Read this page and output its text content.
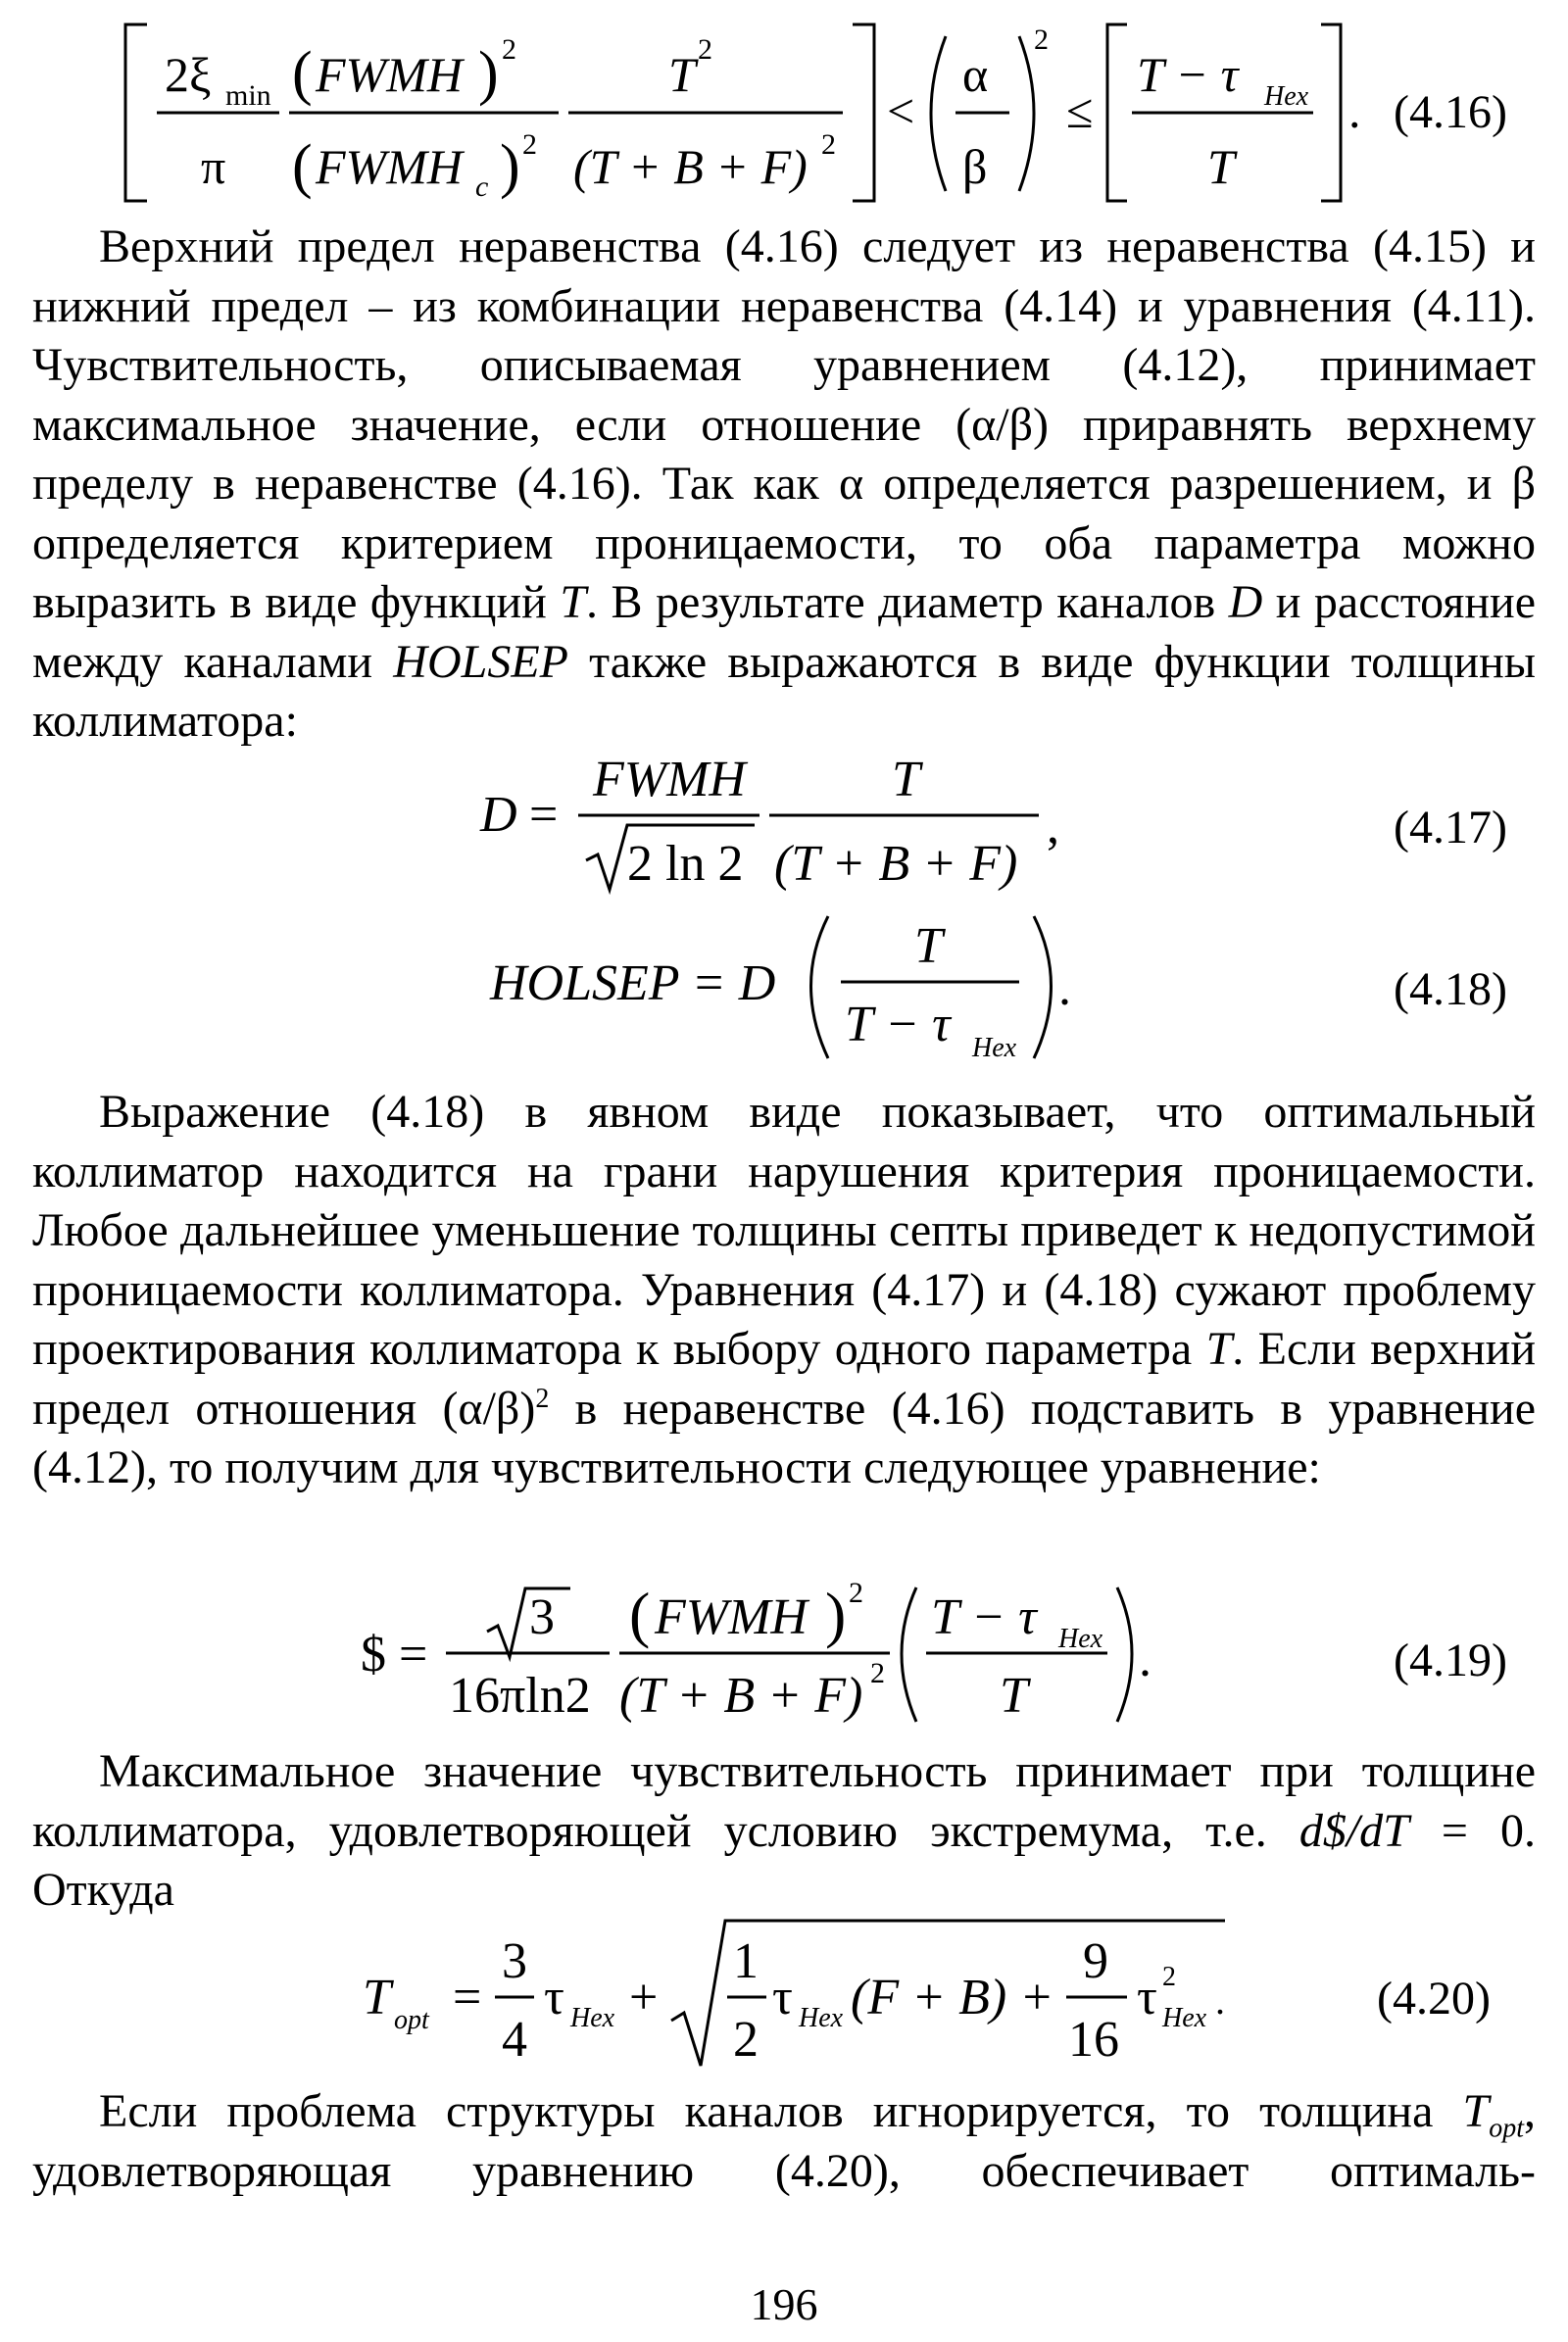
2ξ min
π
( FWMH ) 2
( FWMH c ) 2
T 2
(T + B + F) 2
<
α
β
2
≤
T − τ Hex
T
. (4.16)
Верхний предел неравенства (4.16) следует из неравенства (4.15) и нижний предел – из комбинации неравенства (4.14) и уравнения (4.11). Чувствительность, описываемая уравнением (4.12), принимает максимальное значение, если отношение (α/β) приравнять верхнему пределу в неравенстве (4.16). Так как α определяется разрешением, и β определяется критерием проницаемости, то оба параметра можно выразить в виде функций T. В результате диаметр каналов D и расстояние между каналами HOLSEP также выражаются в виде функции толщины коллиматора:
D =
FWMH
2 ln 2
T
(T + B + F)
,	(4.17)
HOLSEP = D
T
T − τ Hex
.	(4.18)
Выражение (4.18) в явном виде показывает, что оптимальный коллиматор находится на грани нарушения критерия проницаемости. Любое дальнейшее уменьшение толщины септы приведет к недопустимой проницаемости коллиматора. Уравнения (4.17) и (4.18) сужают проблему проектирования коллиматора к выбору одного параметра T. Если верхний предел отношения $(\alpha/\beta)^2$ в неравенстве (4.16) подставить в уравнение (4.12), то получим для чувствительности следующее уравнение:
$ =
3
16πln2
( FWMH ) 2
(T + B + F) 2
T − τ Hex
T
.	(4.19)
Максимальное значение чувствительность принимает при толщине коллиматора, удовлетворяющей условию экстремума, т.е. d$/dT = 0. Откуда
T opt =
3
4
τ Hex +
1
2
τ Hex (F + B) +
9
16
τ 2
Hex .	(4.20)
Если проблема структуры каналов игнорируется, то толщина $T_{opt}$, удовлетворяющая уравнению (4.20), обеспечивает оптималь-
196
